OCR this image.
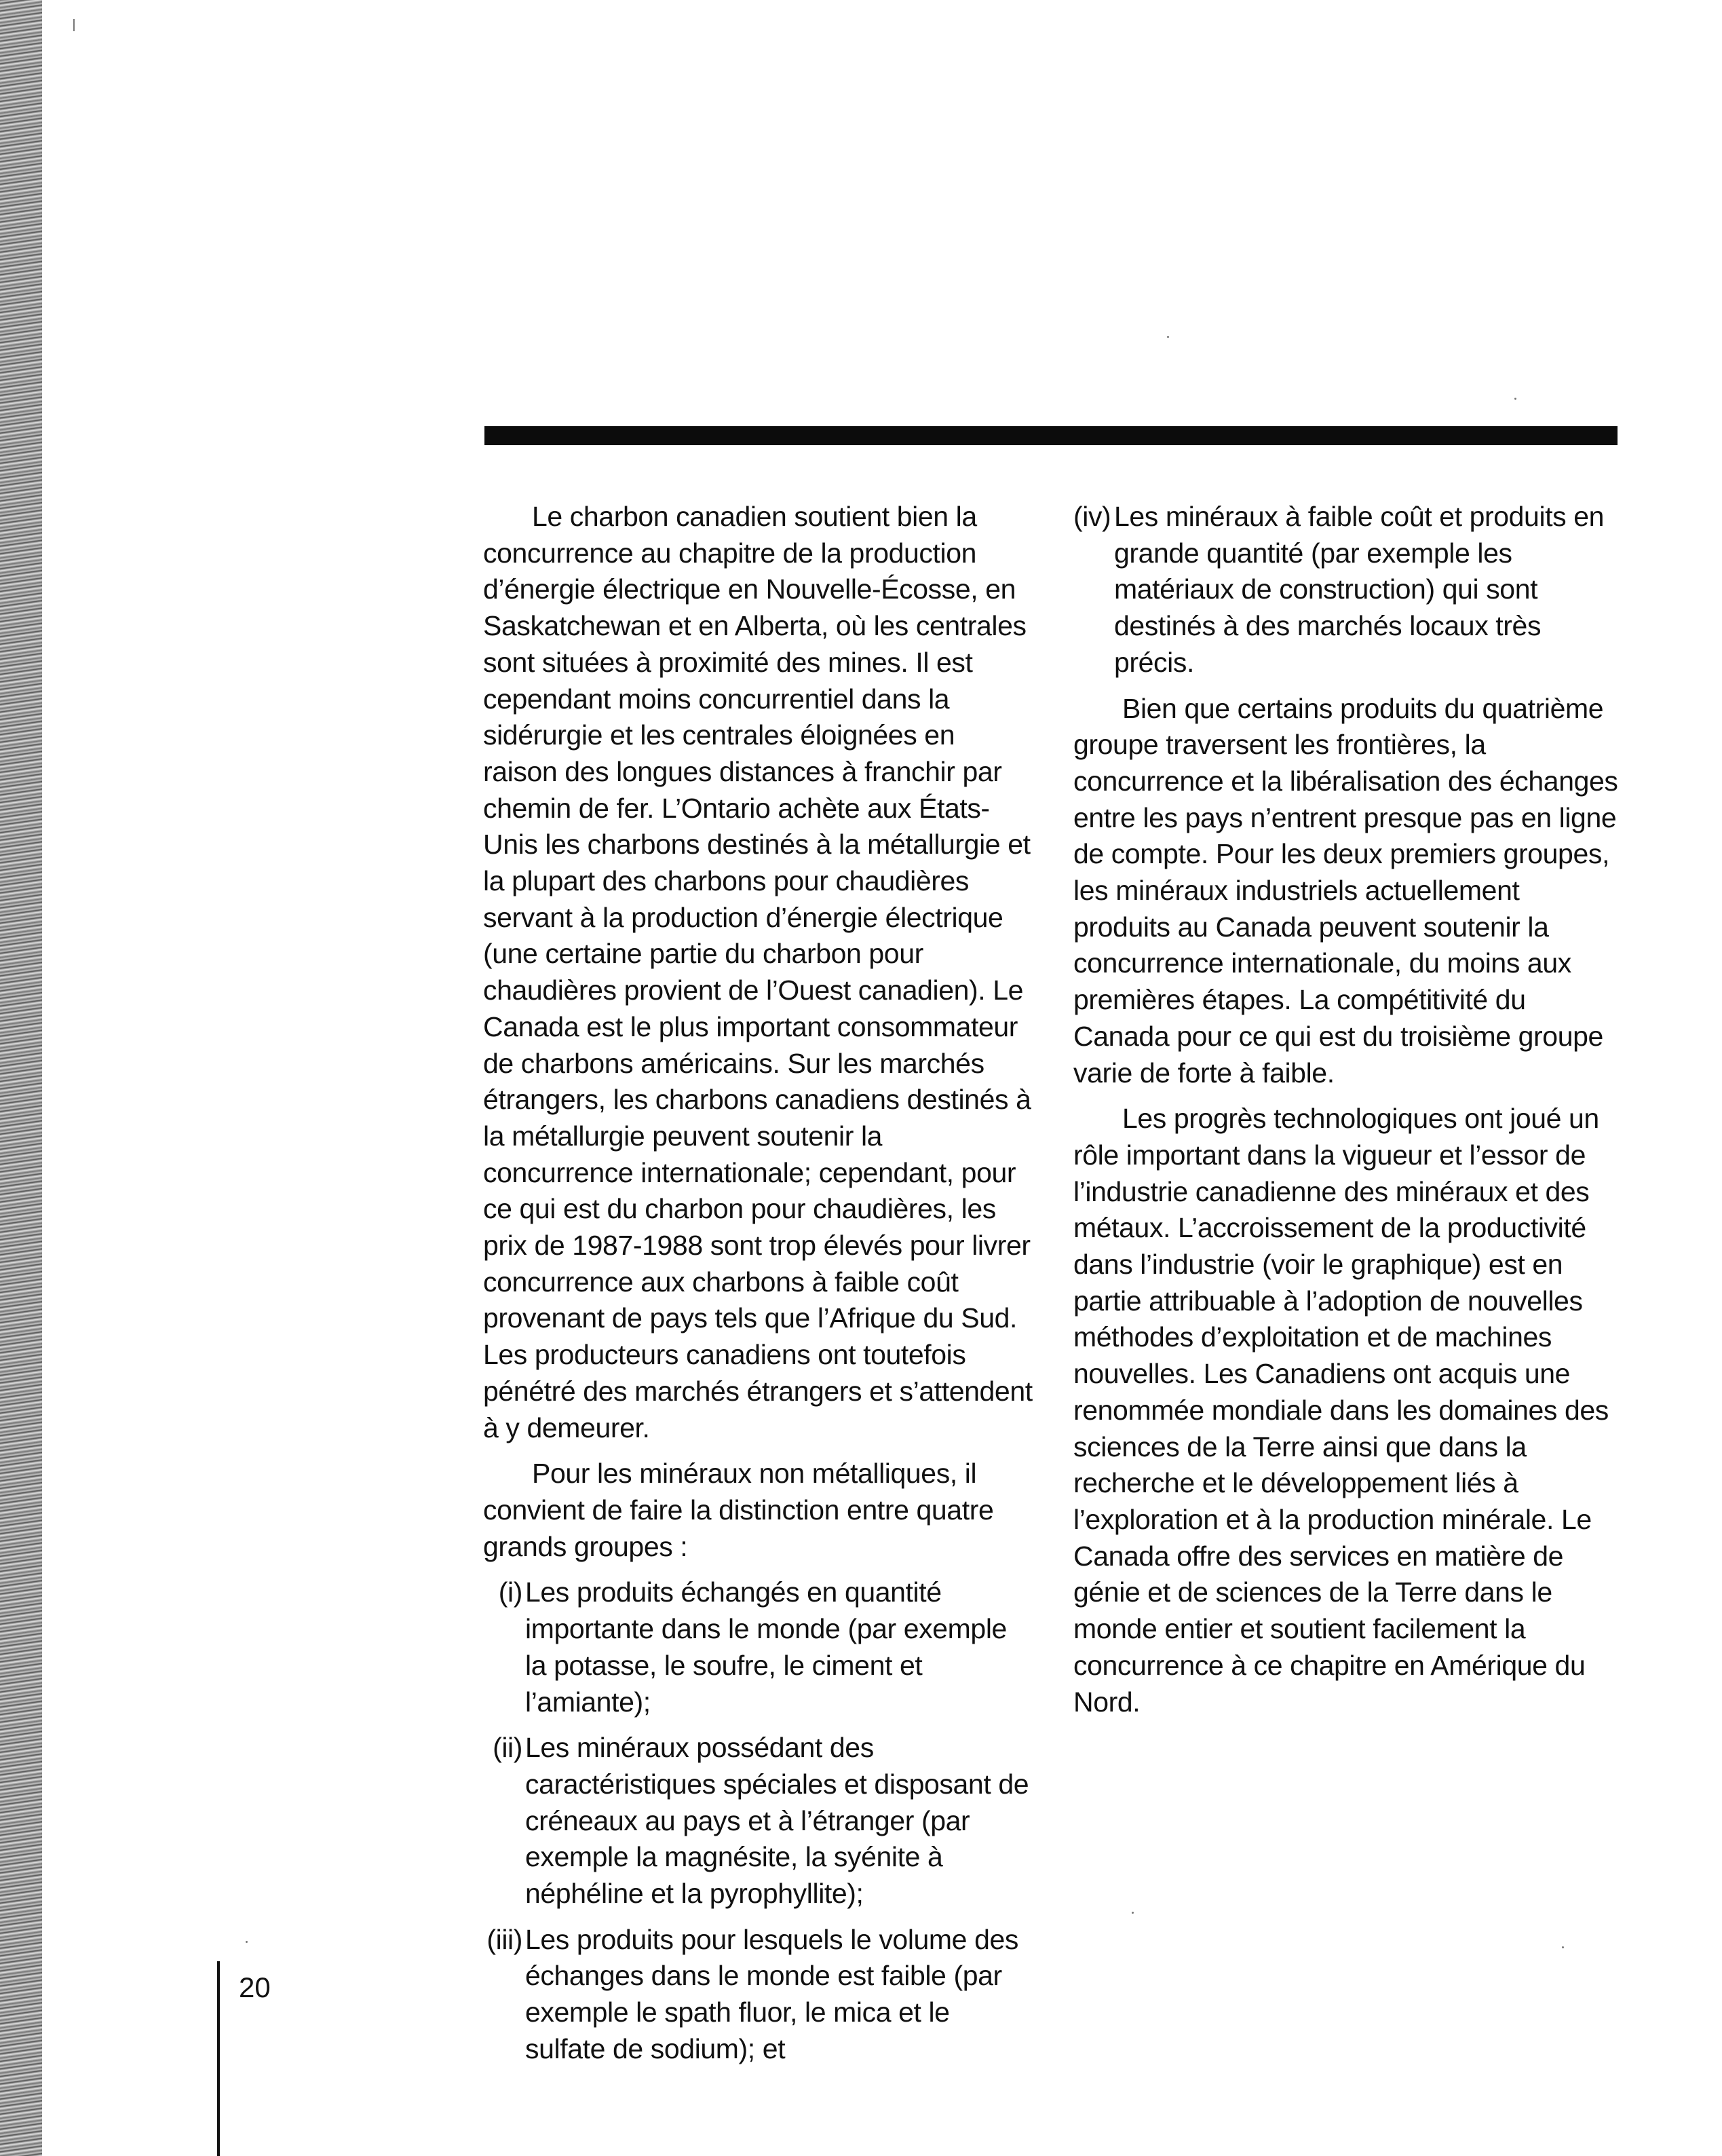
Le charbon canadien soutient bien la concurrence au chapitre de la production d’énergie électrique en Nouvelle-Écosse, en Saskatchewan et en Alberta, où les centrales sont situées à proximité des mines. Il est cependant moins concurrentiel dans la sidérurgie et les centrales éloignées en raison des longues distances à franchir par chemin de fer. L’Ontario achète aux États-Unis les charbons destinés à la métallurgie et la plupart des charbons pour chaudières servant à la production d’énergie électrique (une certaine partie du charbon pour chaudières provient de l’Ouest canadien). Le Canada est le plus important consommateur de charbons américains. Sur les marchés étrangers, les charbons canadiens destinés à la métallurgie peuvent soutenir la concurrence internationale; cependant, pour ce qui est du charbon pour chaudières, les prix de 1987-1988 sont trop élevés pour livrer concurrence aux charbons à faible coût provenant de pays tels que l’Afrique du Sud. Les producteurs canadiens ont toutefois pénétré des marchés étrangers et s’attendent à y demeurer.

Pour les minéraux non métalliques, il convient de faire la distinction entre quatre grands groupes :

(i) Les produits échangés en quantité importante dans le monde (par exemple la potasse, le soufre, le ciment et l’amiante);
(ii) Les minéraux possédant des caractéristiques spéciales et disposant de créneaux au pays et à l’étranger (par exemple la magnésite, la syénite à néphéline et la pyrophyllite);
(iii) Les produits pour lesquels le volume des échanges dans le monde est faible (par exemple le spath fluor, le mica et le sulfate de sodium); et
(iv) Les minéraux à faible coût et produits en grande quantité (par exemple les matériaux de construction) qui sont destinés à des marchés locaux très précis.

Bien que certains produits du quatrième groupe traversent les frontières, la concurrence et la libéralisation des échanges entre les pays n’entrent presque pas en ligne de compte. Pour les deux premiers groupes, les minéraux industriels actuellement produits au Canada peuvent soutenir la concurrence internationale, du moins aux premières étapes. La compétitivité du Canada pour ce qui est du troisième groupe varie de forte à faible.

Les progrès technologiques ont joué un rôle important dans la vigueur et l’essor de l’industrie canadienne des minéraux et des métaux. L’accroissement de la productivité dans l’industrie (voir le graphique) est en partie attribuable à l’adoption de nouvelles méthodes d’exploitation et de machines nouvelles. Les Canadiens ont acquis une renommée mondiale dans les domaines des sciences de la Terre ainsi que dans la recherche et le développement liés à l’exploration et à la production minérale. Le Canada offre des services en matière de génie et de sciences de la Terre dans le monde entier et soutient facilement la concurrence à ce chapitre en Amérique du Nord.

20
